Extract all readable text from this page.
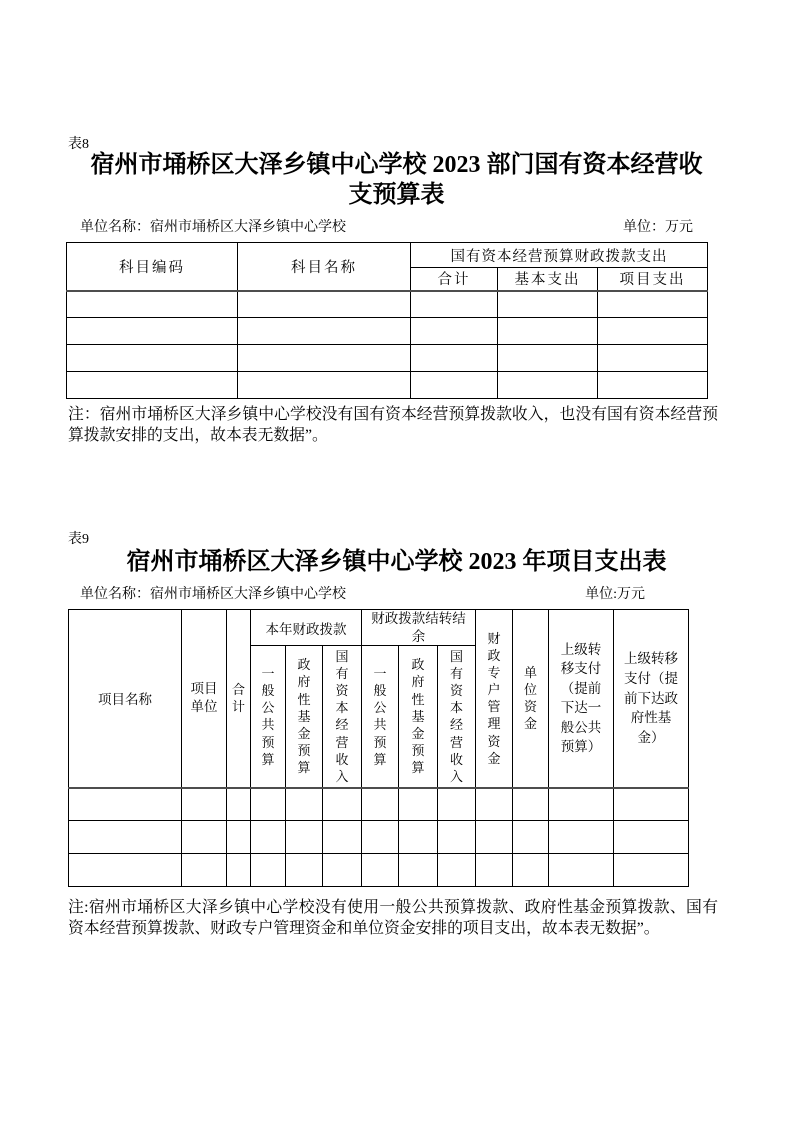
表8
宿州市埇桥区大泽乡镇中心学校 2023 部门国有资本经营收支预算表
单位名称：宿州市埇桥区大泽乡镇中心学校	单位：万元
科目编码	科目名称	国有资本经营预算财政拨款支出		
		合计	基本支出	项目支出

注：宿州市埇桥区大泽乡镇中心学校没有国有资本经营预算拨款收入，也没有国有资本经营预算拨款安排的支出，故本表无数据”。
表9
宿州市埇桥区大泽乡镇中心学校 2023 年项目支出表
单位名称：宿州市埇桥区大泽乡镇中心学校	单位:万元
项目名称	项目单位	合计	本年财政拨款			财政拨款结转结余			财政专户管理资金	单位资金	上级转移支付（提前下达一般公共预算）	上级转移支付（提前下达政府性基金）

			一般公共预算	政府性基金预算	国有资本经营收入	一般公共预算	政府性基金预算	国有资本经营收入				

注:宿州市埇桥区大泽乡镇中心学校没有使用一般公共预算拨款、政府性基金预算拨款、国有资本经营预算拨款、财政专户管理资金和单位资金安排的项目支出，故本表无数据”。
